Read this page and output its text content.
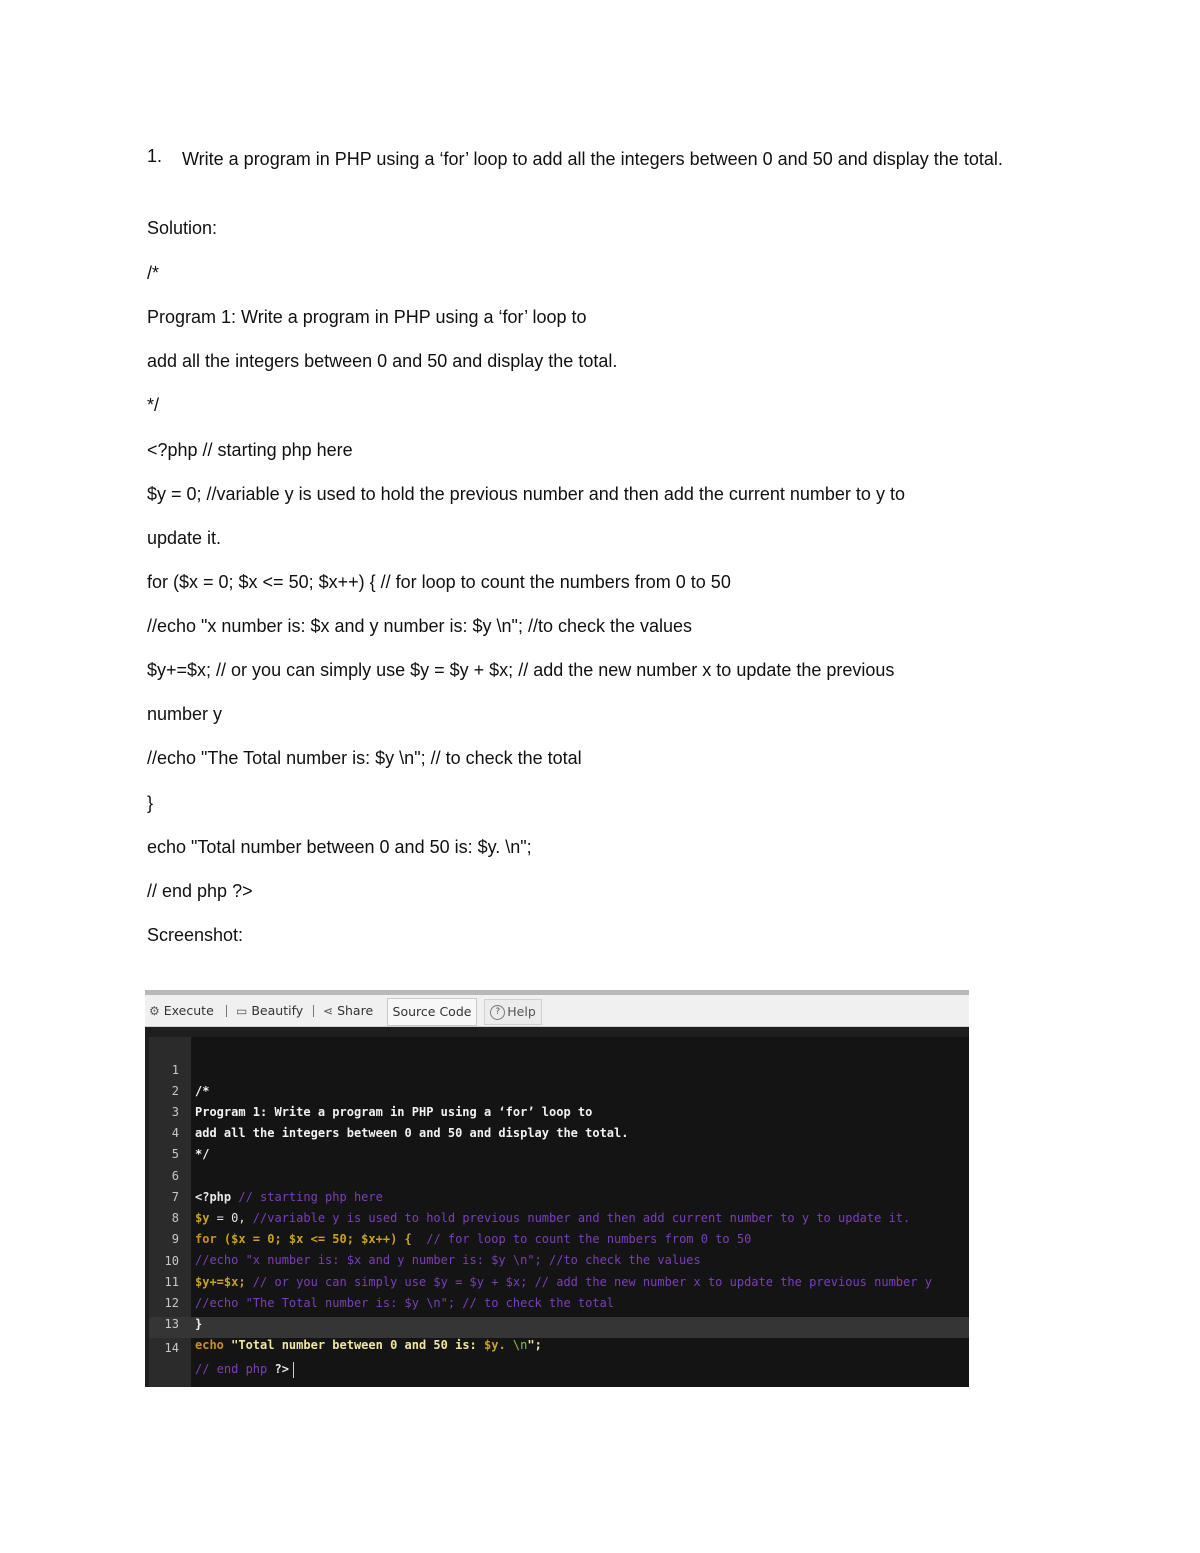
1. Write a program in PHP using a ‘for’ loop to add all the integers between 0 and 50 and display the total.
Solution:
/*
Program 1: Write a program in PHP using a ‘for’ loop to
add all the integers between 0 and 50 and display the total.
*/
<?php // starting php here
$y = 0; //variable y is used to hold the previous number and then add the current number to y to
update it.
for ($x = 0; $x <= 50; $x++) { // for loop to count the numbers from 0 to 50
//echo "x number is: $x and y number is: $y \n"; //to check the values
$y+=$x; // or you can simply use $y = $y + $x; // add the new number x to update the previous
number y
//echo "The Total number is: $y \n"; // to check the total
}
echo "Total number between 0 and 50 is: $y. \n";
// end php ?>
Screenshot:
⚙ Execute ▭ Beautify ⋖ Share	Source Code	? Help

1

/*

2

Program 1: Write a program in PHP using a ‘for’ loop to

3

add all the integers between 0 and 50 and display the total.

4

*/

5

6

<?php // starting php here

7

$y = 0, //variable y is used to hold previous number and then add current number to y to update it.

8

for ($x = 0; $x <= 50; $x++) {  // for loop to count the numbers from 0 to 50

9

//echo "x number is: $x and y number is: $y \n"; //to check the values

10

$y+=$x; // or you can simply use $y = $y + $x; // add the new number x to update the previous number y

11

//echo "The Total number is: $y \n"; // to check the total

12

}

13

echo "Total number between 0 and 50 is: $y. \n";

14

// end php ?>
